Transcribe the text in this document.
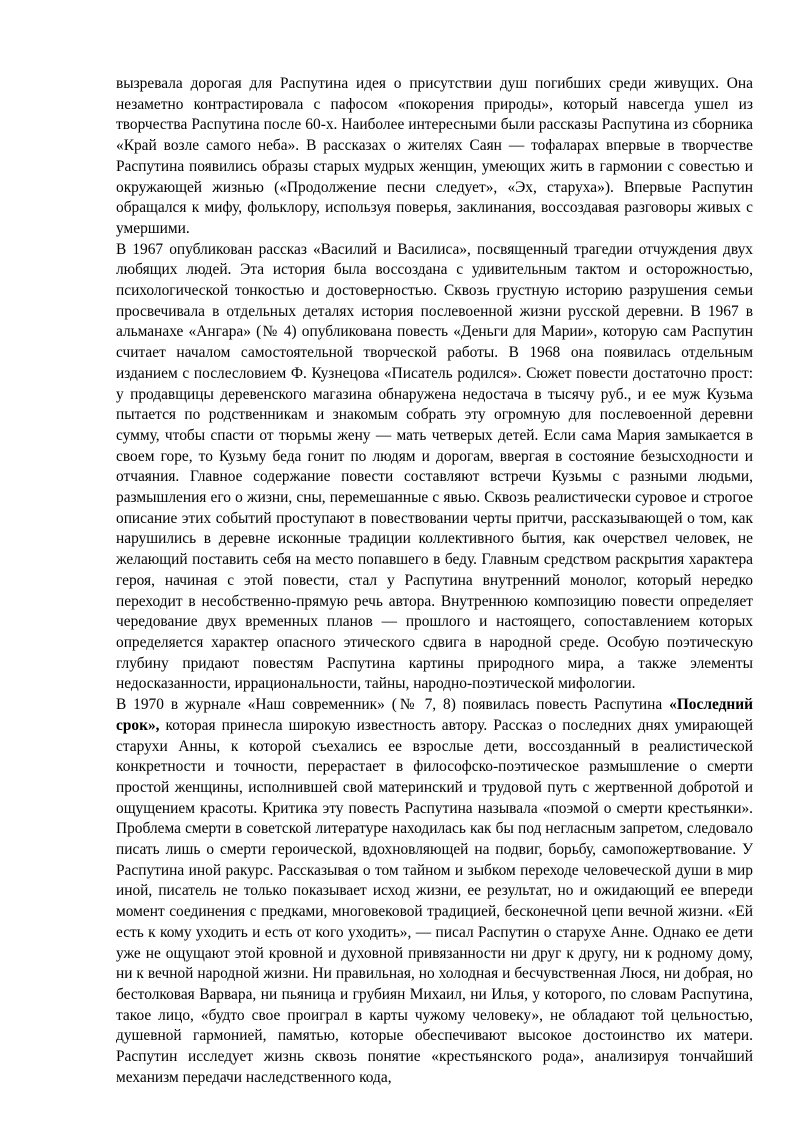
вызревала дорогая для Распутина идея о присутствии душ погибших среди живущих. Она незаметно контрастировала с пафосом «покорения природы», который навсегда ушел из творчества Распутина после 60-х. Наиболее интересными были рассказы Распутина из сборника «Край возле самого неба». В рассказах о жителях Саян — тофаларах впервые в творчестве Распутина появились образы старых мудрых женщин, умеющих жить в гармонии с совестью и окружающей жизнью («Продолжение песни следует», «Эх, старуха»). Впервые Распутин обращался к мифу, фольклору, используя поверья, заклинания, воссоздавая разговоры живых с умершими.

В 1967 опубликован рассказ «Василий и Василиса», посвященный трагедии отчуждения двух любящих людей. Эта история была воссоздана с удивительным тактом и осторожностью, психологической тонкостью и достоверностью. Сквозь грустную историю разрушения семьи просвечивала в отдельных деталях история послевоенной жизни русской деревни. В 1967 в альманахе «Ангара» (№ 4) опубликована повесть «Деньги для Марии», которую сам Распутин считает началом самостоятельной творческой работы. В 1968 она появилась отдельным изданием с послесловием Ф. Кузнецова «Писатель родился». Сюжет повести достаточно прост: у продавщицы деревенского магазина обнаружена недостача в тысячу руб., и ее муж Кузьма пытается по родственникам и знакомым собрать эту огромную для послевоенной деревни сумму, чтобы спасти от тюрьмы жену — мать четверых детей. Если сама Мария замыкается в своем горе, то Кузьму беда гонит по людям и дорогам, ввергая в состояние безысходности и отчаяния. Главное содержание повести составляют встречи Кузьмы с разными людьми, размышления его о жизни, сны, перемешанные с явью. Сквозь реалистически суровое и строгое описание этих событий проступают в повествовании черты притчи, рассказывающей о том, как нарушились в деревне исконные традиции коллективного бытия, как очерствел человек, не желающий поставить себя на место попавшего в беду. Главным средством раскрытия характера героя, начиная с этой повести, стал у Распутина внутренний монолог, который нередко переходит в несобственно-прямую речь автора. Внутреннюю композицию повести определяет чередование двух временных планов — прошлого и настоящего, сопоставлением которых определяется характер опасного этического сдвига в народной среде. Особую поэтическую глубину придают повестям Распутина картины природного мира, а также элементы недосказанности, иррациональности, тайны, народно-поэтической мифологии.

В 1970 в журнале «Наш современник» (№ 7, 8) появилась повесть Распутина «Последний срок», которая принесла широкую известность автору. Рассказ о последних днях умирающей старухи Анны, к которой съехались ее взрослые дети, воссозданный в реалистической конкретности и точности, перерастает в философско-поэтическое размышление о смерти простой женщины, исполнившей свой материнский и трудовой путь с жертвенной добротой и ощущением красоты. Критика эту повесть Распутина называла «поэмой о смерти крестьянки». Проблема смерти в советской литературе находилась как бы под негласным запретом, следовало писать лишь о смерти героической, вдохновляющей на подвиг, борьбу, самопожертвование. У Распутина иной ракурс. Рассказывая о том тайном и зыбком переходе человеческой души в мир иной, писатель не только показывает исход жизни, ее результат, но и ожидающий ее впереди момент соединения с предками, многовековой традицией, бесконечной цепи вечной жизни. «Ей есть к кому уходить и есть от кого уходить», — писал Распутин о старухе Анне. Однако ее дети уже не ощущают этой кровной и духовной привязанности ни друг к другу, ни к родному дому, ни к вечной народной жизни. Ни правильная, но холодная и бесчувственная Люся, ни добрая, но бестолковая Варвара, ни пьяница и грубиян Михаил, ни Илья, у которого, по словам Распутина, такое лицо, «будто свое проиграл в карты чужому человеку», не обладают той цельностью, душевной гармонией, памятью, которые обеспечивают высокое достоинство их матери. Распутин исследует жизнь сквозь понятие «крестьянского рода», анализируя тончайший механизм передачи наследственного кода,
